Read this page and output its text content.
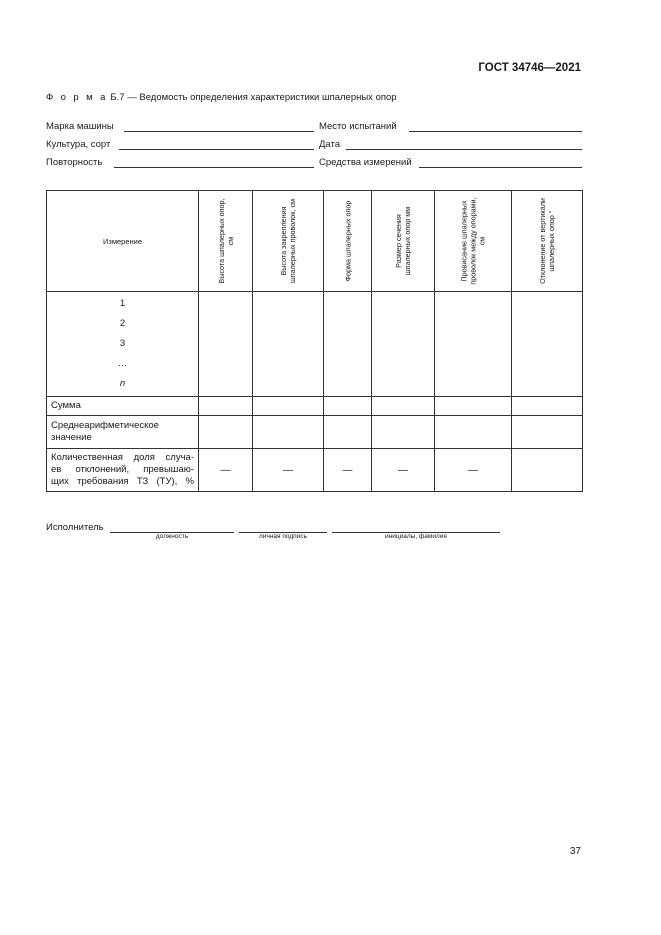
ГОСТ 34746—2021
Ф о р м а Б.7 — Ведомость определения характеристики шпалерных опор
Марка машины	Место испытаний
Культура, сорт	Дата
Повторность	Средства измерений
Измерение	Высота шпалерных опор, см	Высота закрепления шпалерных проволок, см	Форма шпалерных опор	Размер сечения шпалерных опор мм	Провисание шпалерных проволок между опорами, см	Отклонение от вертикали шпалерных опор °

1
2
3
…
n						

Сумма						
Среднеарифметическое значение						

Количественная доля случа-
ев отклонений, превышаю-
щих требования ТЗ (ТУ), %	—	—	—	—	—	
Исполнитель
должность	личная подпись	инициалы, фамилия
37
